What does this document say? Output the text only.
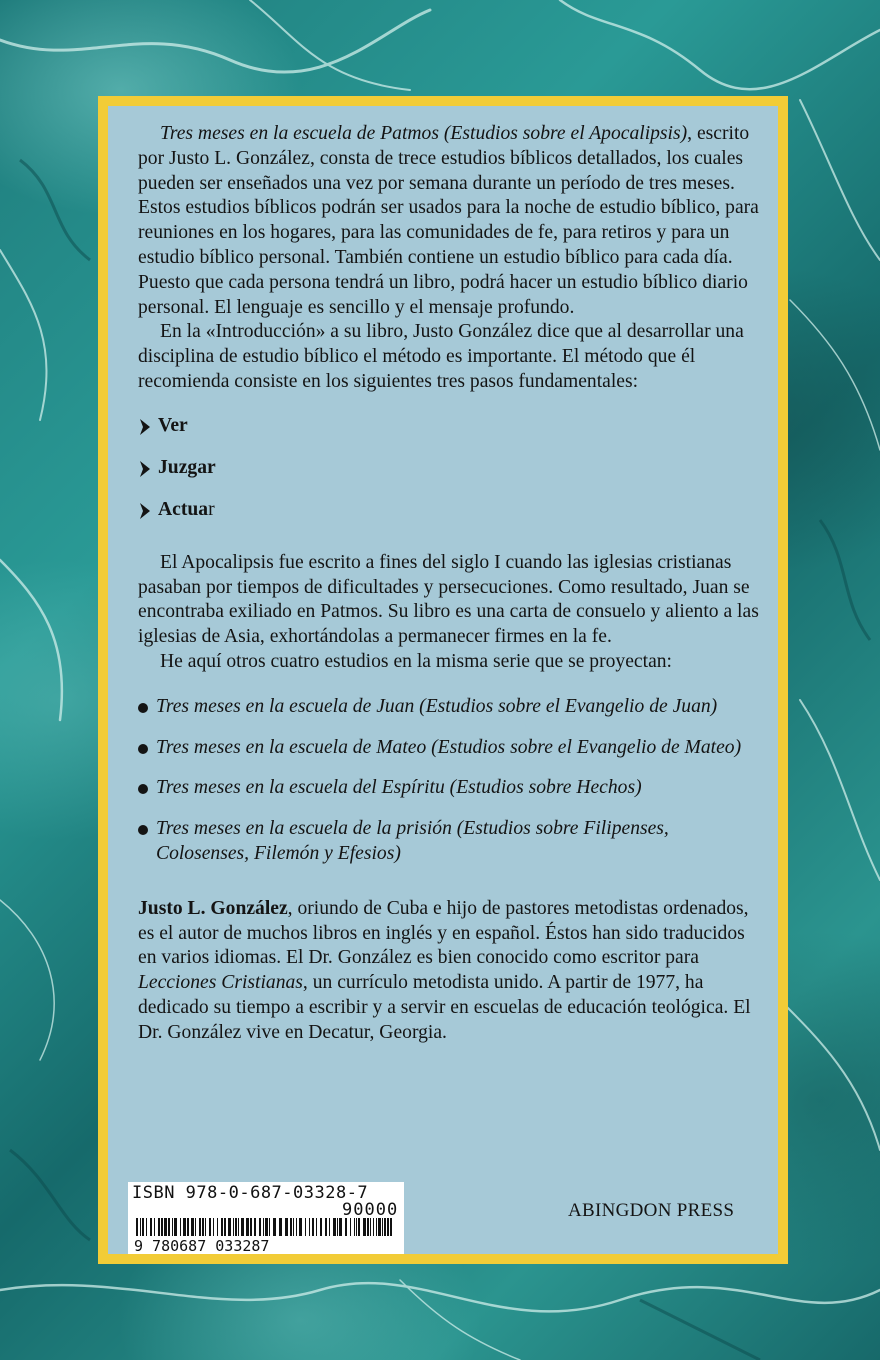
Tres meses en la escuela de Patmos (Estudios sobre el Apocalipsis), escrito por Justo L. González, consta de trece estudios bíblicos detallados, los cuales pueden ser enseñados una vez por semana durante un período de tres meses. Estos estudios bíblicos podrán ser usados para la noche de estudio bíblico, para reuniones en los hogares, para las comunidades de fe, para retiros y para un estudio bíblico personal. También contiene un estudio bíblico para cada día. Puesto que cada persona tendrá un libro, podrá hacer un estudio bíblico diario personal. El lenguaje es sencillo y el mensaje profundo.

En la «Introducción» a su libro, Justo González dice que al desarrollar una disciplina de estudio bíblico el método es importante. El método que él recomienda consiste en los siguientes tres pasos fundamentales:

Ver
Juzgar
Actua r

El Apocalipsis fue escrito a fines del siglo I cuando las iglesias cristianas pasaban por tiempos de dificultades y persecuciones. Como resultado, Juan se encontraba exiliado en Patmos. Su libro es una carta de consuelo y aliento a las iglesias de Asia, exhortándolas a permanecer firmes en la fe.

He aquí otros cuatro estudios en la misma serie que se proyectan:

Tres meses en la escuela de Juan (Estudios sobre el Evangelio de Juan)
Tres meses en la escuela de Mateo (Estudios sobre el Evangelio de Mateo)
Tres meses en la escuela del Espíritu (Estudios sobre Hechos)
Tres meses en la escuela de la prisión (Estudios sobre Filipenses, Colosenses, Filemón y Efesios)

Justo L. González, oriundo de Cuba e hijo de pastores metodistas ordenados, es el autor de muchos libros en inglés y en español. Éstos han sido traducidos en varios idiomas. El Dr. González es bien conocido como escritor para Lecciones Cristianas, un currículo metodista unido. A partir de 1977, ha dedicado su tiempo a escribir y a servir en escuelas de educación teológica. El Dr. González vive en Decatur, Georgia.

ISBN 978-0-687-03328-7
90000
9 780687 033287
ABINGDON PRESS
